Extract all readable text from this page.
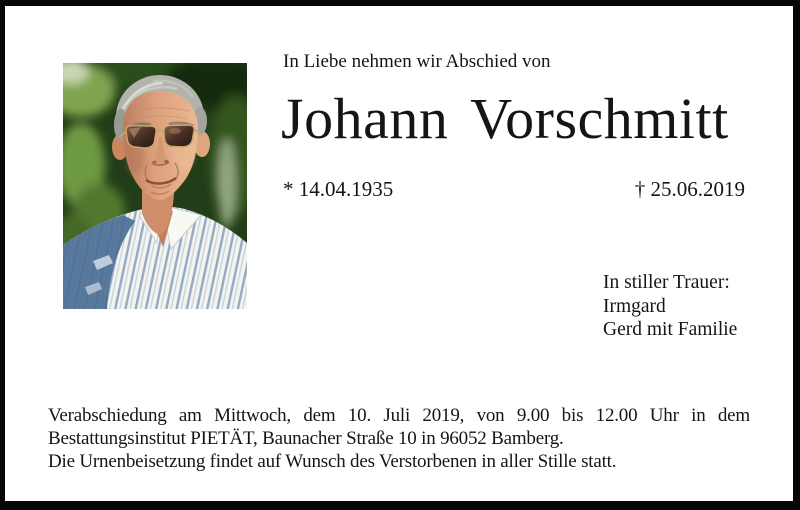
In Liebe nehmen wir Abschied von
Johann Vorschmitt
* 14.04.1935	† 25.06.2019
In stiller Trauer:
Irmgard
Gerd mit Familie
Verabschiedung am Mittwoch, dem 10. Juli 2019, von 9.00 bis 12.00 Uhr in dem
Bestattungsinstitut PIETÄT, Baunacher Straße 10 in 96052 Bamberg.
Die Urnenbeisetzung findet auf Wunsch des Verstorbenen in aller Stille statt.
